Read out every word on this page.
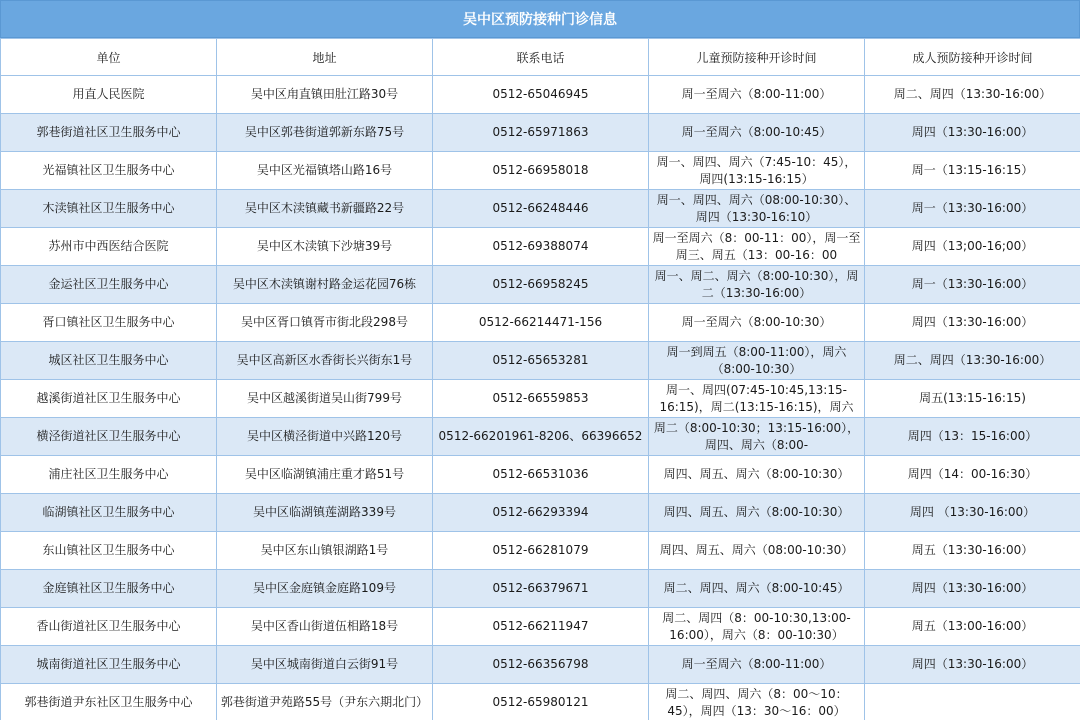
吴中区预防接种门诊信息
单位	地址	联系电话	儿童预防接种开诊时间	成人预防接种开诊时间

用直人民医院	吴中区甪直镇田肚江路30号	0512-65046945	周一至周六（8:00-11:00）	周二、周四（13:30-16:00）

郭巷街道社区卫生服务中心	吴中区郭巷街道郭新东路75号	0512-65971863	周一至周六（8:00-10:45）	周四（13:30-16:00）

光福镇社区卫生服务中心	吴中区光福镇塔山路16号	0512-66958018	周一、周四、周六（7:45-10：45），周四(13:15-16:15）	周一（13:15-16:15）

木渎镇社区卫生服务中心	吴中区木渎镇藏书新疆路22号	0512-66248446	周一、周四、周六（08:00-10:30）、周四（13:30-16:10）	周一（13:30-16:00）

苏州市中西医结合医院	吴中区木渎镇下沙塘39号	0512-69388074	周一至周六（8：00-11：00），周一至周三、周五（13：00-16：00	周四（13;00-16;00）

金运社区卫生服务中心	吴中区木渎镇谢村路金运花园76栋	0512-66958245	周一、周二、周六（8:00-10:30），周二（13:30-16:00）	周一（13:30-16:00）

胥口镇社区卫生服务中心	吴中区胥口镇胥市街北段298号	0512-66214471-156	周一至周六（8:00-10:30）	周四（13:30-16:00）

城区社区卫生服务中心	吴中区高新区水香街长兴街东1号	0512-65653281	周一到周五（8:00-11:00），周六（8:00-10:30）	周二、周四（13:30-16:00）

越溪街道社区卫生服务中心	吴中区越溪街道吴山街799号	0512-66559853	周一、周四(07:45-10:45,13:15-16:15)，周二(13:15-16:15)，周六	周五(13:15-16:15)

横泾街道社区卫生服务中心	吴中区横泾街道中兴路120号	0512-66201961-8206、66396652	周二（8:00-10:30；13:15-16:00），周四、周六（8:00-	周四（13：15-16:00）

浦庄社区卫生服务中心	吴中区临湖镇浦庄重才路51号	0512-66531036	周四、周五、周六（8:00-10:30）	周四（14：00-16:30）

临湖镇社区卫生服务中心	吴中区临湖镇莲湖路339号	0512-66293394	周四、周五、周六（8:00-10:30）	周四 （13:30-16:00）

东山镇社区卫生服务中心	吴中区东山镇银湖路1号	0512-66281079	周四、周五、周六（08:00-10:30）	周五（13:30-16:00）

金庭镇社区卫生服务中心	吴中区金庭镇金庭路109号	0512-66379671	周二、周四、周六（8:00-10:45）	周四（13:30-16:00）

香山街道社区卫生服务中心	吴中区香山街道伍相路18号	0512-66211947	周二、周四（8：00-10:30,13:00-16:00），周六（8：00-10:30）	周五（13:00-16:00）

城南街道社区卫生服务中心	吴中区城南街道白云街91号	0512-66356798	周一至周六（8:00-11:00）	周四（13:30-16:00）

郭巷街道尹东社区卫生服务中心	郭巷街道尹苑路55号（尹东六期北门）	0512-65980121	周二、周四、周六（8：00～10：45），周四（13：30～16：00）	
